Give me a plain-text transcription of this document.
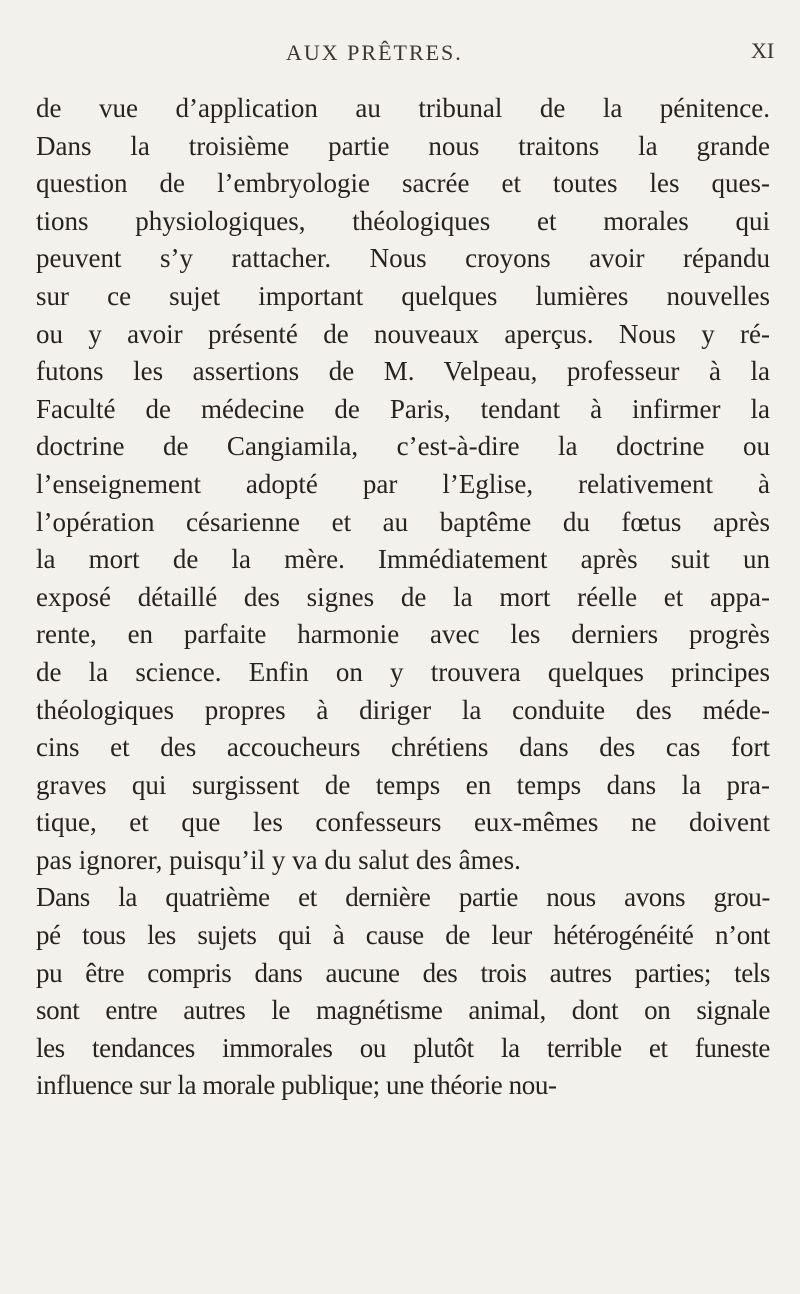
AUX PRÊTRES.	XI
de vue d’application au tribunal de la pénitence.
Dans la troisième partie nous traitons la grande
question de l’embryologie sacrée et toutes les ques-
tions physiologiques, théologiques et morales qui
peuvent s’y rattacher. Nous croyons avoir répandu
sur ce sujet important quelques lumières nouvelles
ou y avoir présenté de nouveaux aperçus. Nous y ré-
futons les assertions de M. Velpeau, professeur à la
Faculté de médecine de Paris, tendant à infirmer la
doctrine de Cangiamila, c’est-à-dire la doctrine ou
l’enseignement adopté par l’Eglise, relativement à
l’opération césarienne et au baptême du fœtus après
la mort de la mère. Immédiatement après suit un
exposé détaillé des signes de la mort réelle et appa-
rente, en parfaite harmonie avec les derniers progrès
de la science. Enfin on y trouvera quelques principes
théologiques propres à diriger la conduite des méde-
cins et des accoucheurs chrétiens dans des cas fort
graves qui surgissent de temps en temps dans la pra-
tique, et que les confesseurs eux-mêmes ne doivent
pas ignorer, puisqu’il y va du salut des âmes.
Dans la quatrième et dernière partie nous avons grou-
pé tous les sujets qui à cause de leur hétérogénéité n’ont
pu être compris dans aucune des trois autres parties; tels
sont entre autres le magnétisme animal, dont on signale
les tendances immorales ou plutôt la terrible et funeste
influence sur la morale publique; une théorie nou-
